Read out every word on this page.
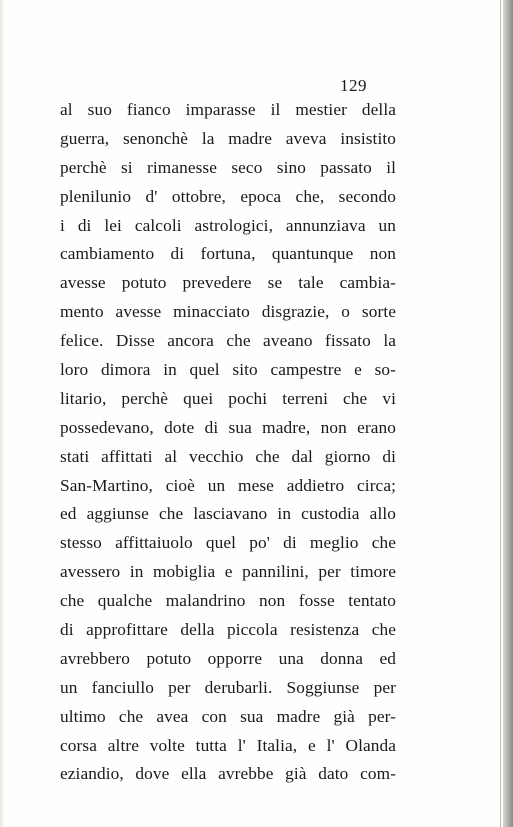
129
al suo fianco imparasse il mestier della
guerra, senonchè la madre aveva insistito
perchè si rimanesse seco sino passato il
plenilunio d' ottobre, epoca che, secondo
i di lei calcoli astrologici, annunziava un
cambiamento di fortuna, quantunque non
avesse potuto prevedere se tale cambia-
mento avesse minacciato disgrazie, o sorte
felice. Disse ancora che aveano fissato la
loro dimora in quel sito campestre e so-
litario, perchè quei pochi terreni che vi
possedevano, dote di sua madre, non erano
stati affittati al vecchio che dal giorno di
San-Martino, cioè un mese addietro circa;
ed aggiunse che lasciavano in custodia allo
stesso affittaiuolo quel po' di meglio che
avessero in mobiglia e pannilini, per timore
che qualche malandrino non fosse tentato
di approfittare della piccola resistenza che
avrebbero potuto opporre una donna ed
un fanciullo per derubarli. Soggiunse per
ultimo che avea con sua madre già per-
corsa altre volte tutta l' Italia, e l' Olanda
eziandio, dove ella avrebbe già dato com-
